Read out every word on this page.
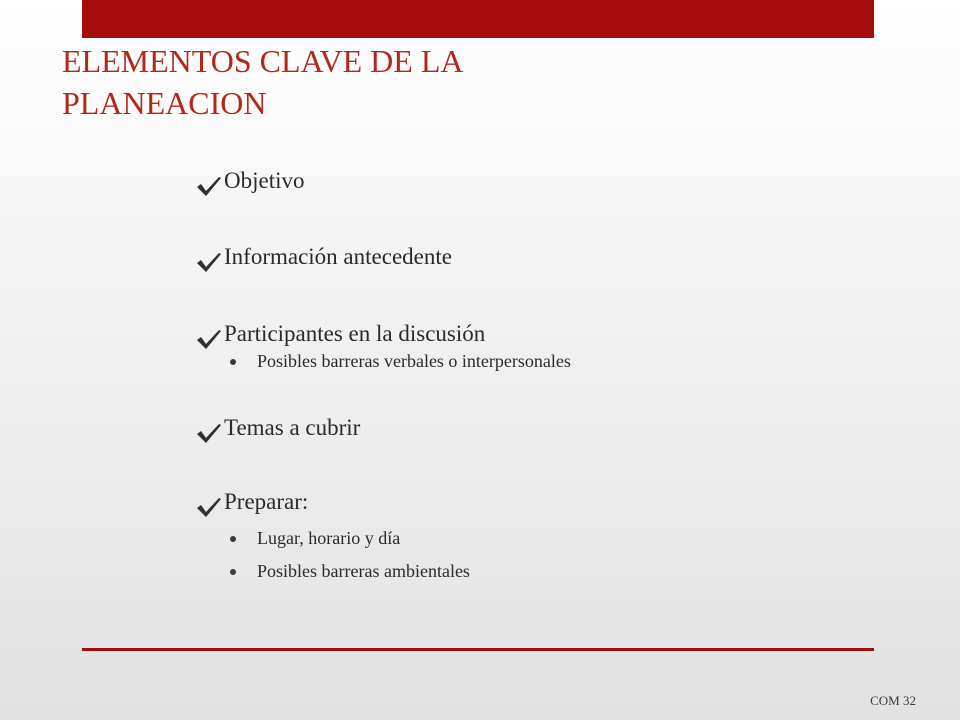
ELEMENTOS CLAVE DE LA
PLANEACION
Objetivo
Información antecedente
Participantes en la discusión
Posibles barreras verbales o interpersonales
Temas a cubrir
Preparar:
Lugar, horario y día
Posibles barreras ambientales
COM 32
